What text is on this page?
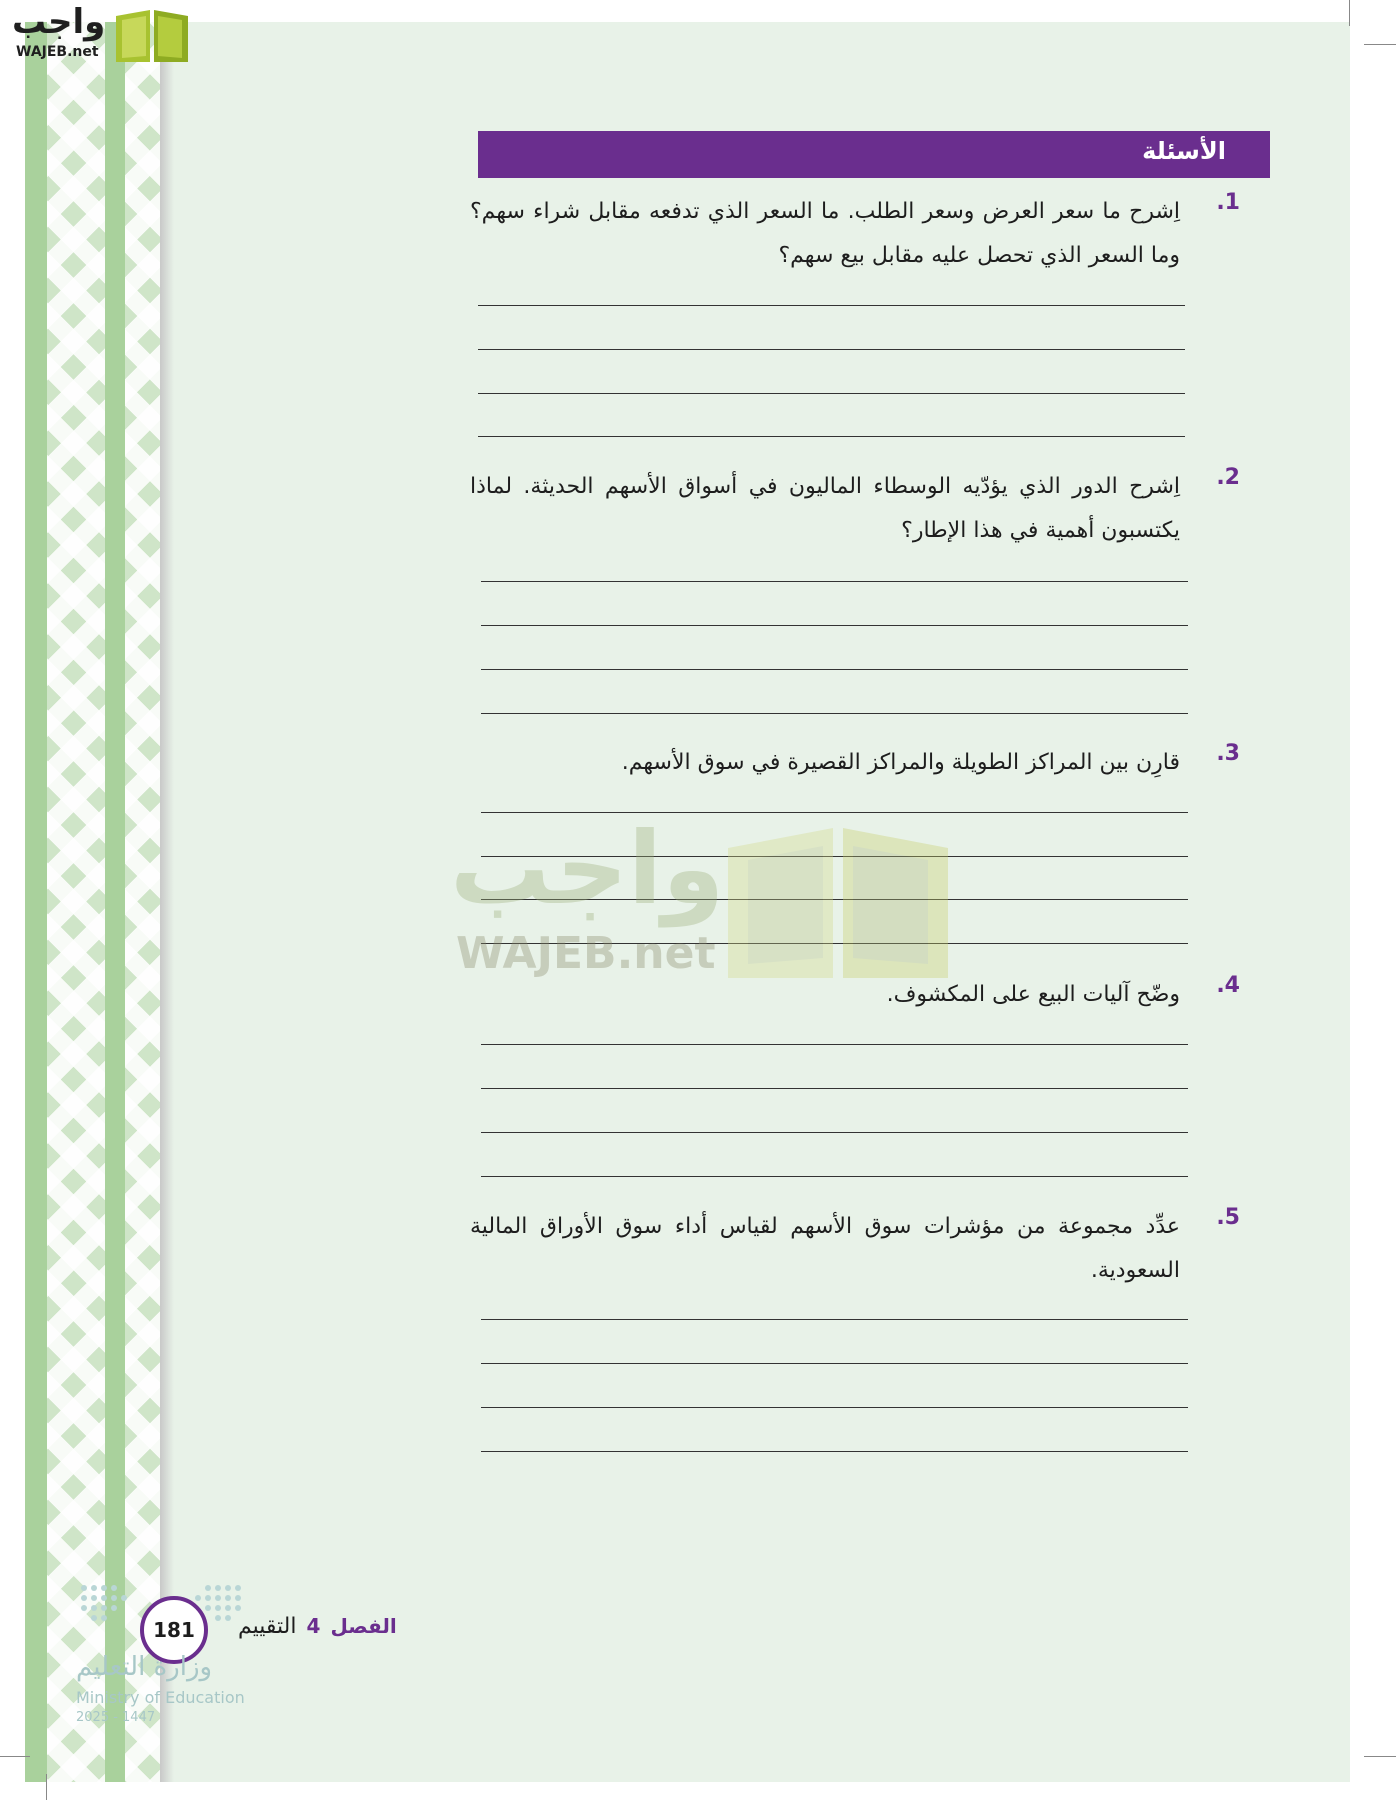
واجب
WAJEB.net
الأسئلة
.1
اِشرح ما سعر العرض وسعر الطلب. ما السعر الذي تدفعه مقابل شراء سهم؟ وما السعر الذي تحصل عليه مقابل بيع سهم؟
.2
اِشرح الدور الذي يؤدّيه الوسطاء الماليون في أسواق الأسهم الحديثة. لماذا يكتسبون أهمية في هذا الإطار؟
.3
قارِن بين المراكز الطويلة والمراكز القصيرة في سوق الأسهم.
.4
وضّح آليات البيع على المكشوف.
.5
عدِّد مجموعة من مؤشرات سوق الأسهم لقياس أداء سوق الأوراق المالية السعودية.
واجب
WAJEB.net
181	الفصل
4
التقييم
وزارة التعليم
Ministry of Education
2025 - 1447
